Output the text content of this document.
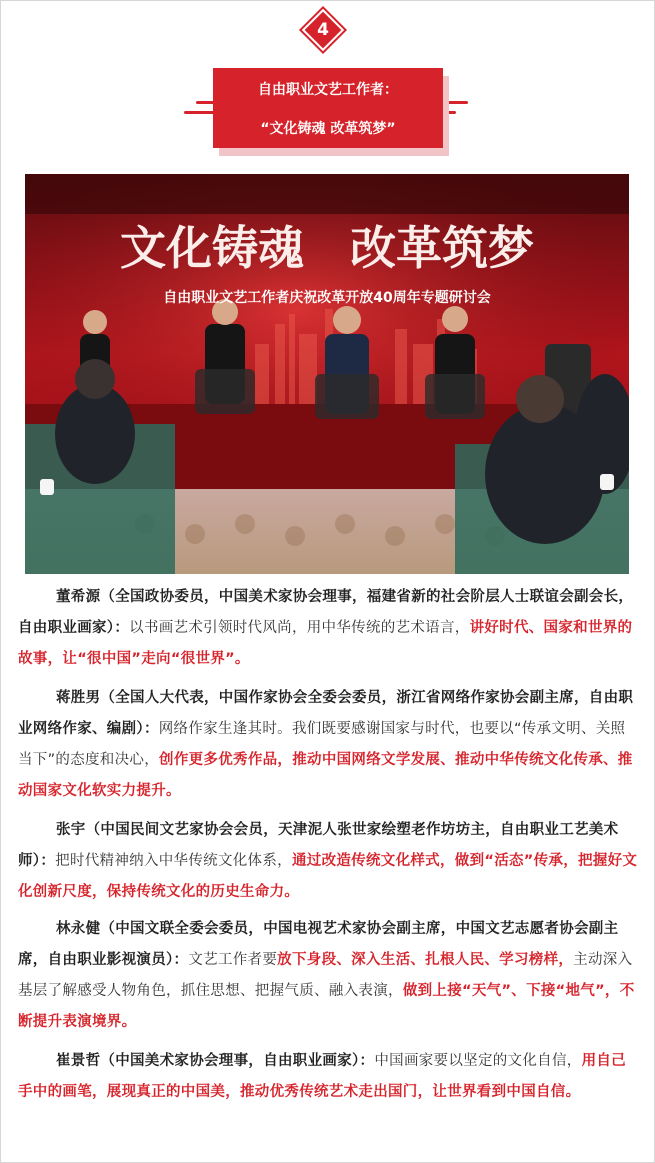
4
自由职业文艺工作者：
“文化铸魂 改革筑梦”
文化铸魂　改革筑梦
自由职业文艺工作者庆祝改革开放40周年专题研讨会
董希源（全国政协委员，中国美术家协会理事，福建省新的社会阶层人士联谊会副会长，自由职业画家）：以书画艺术引领时代风尚，用中华传统的艺术语言，讲好时代、国家和世界的故事，让“很中国”走向“很世界”。
蒋胜男（全国人大代表，中国作家协会全委会委员，浙江省网络作家协会副主席，自由职业网络作家、编剧）：网络作家生逢其时。我们既要感谢国家与时代，也要以“传承文明、关照当下”的态度和决心，创作更多优秀作品，推动中国网络文学发展、推动中华传统文化传承、推动国家文化软实力提升。
张宇（中国民间文艺家协会会员，天津泥人张世家绘塑老作坊坊主，自由职业工艺美术师）：把时代精神纳入中华传统文化体系，通过改造传统文化样式，做到“活态”传承，把握好文化创新尺度，保持传统文化的历史生命力。
林永健（中国文联全委会委员，中国电视艺术家协会副主席，中国文艺志愿者协会副主席，自由职业影视演员）：文艺工作者要放下身段、深入生活、扎根人民、学习榜样，主动深入基层了解感受人物角色，抓住思想、把握气质、融入表演，做到上接“天气”、下接“地气”，不断提升表演境界。
崔景哲（中国美术家协会理事，自由职业画家）：中国画家要以坚定的文化自信，用自己手中的画笔，展现真正的中国美，推动优秀传统艺术走出国门，让世界看到中国自信。
